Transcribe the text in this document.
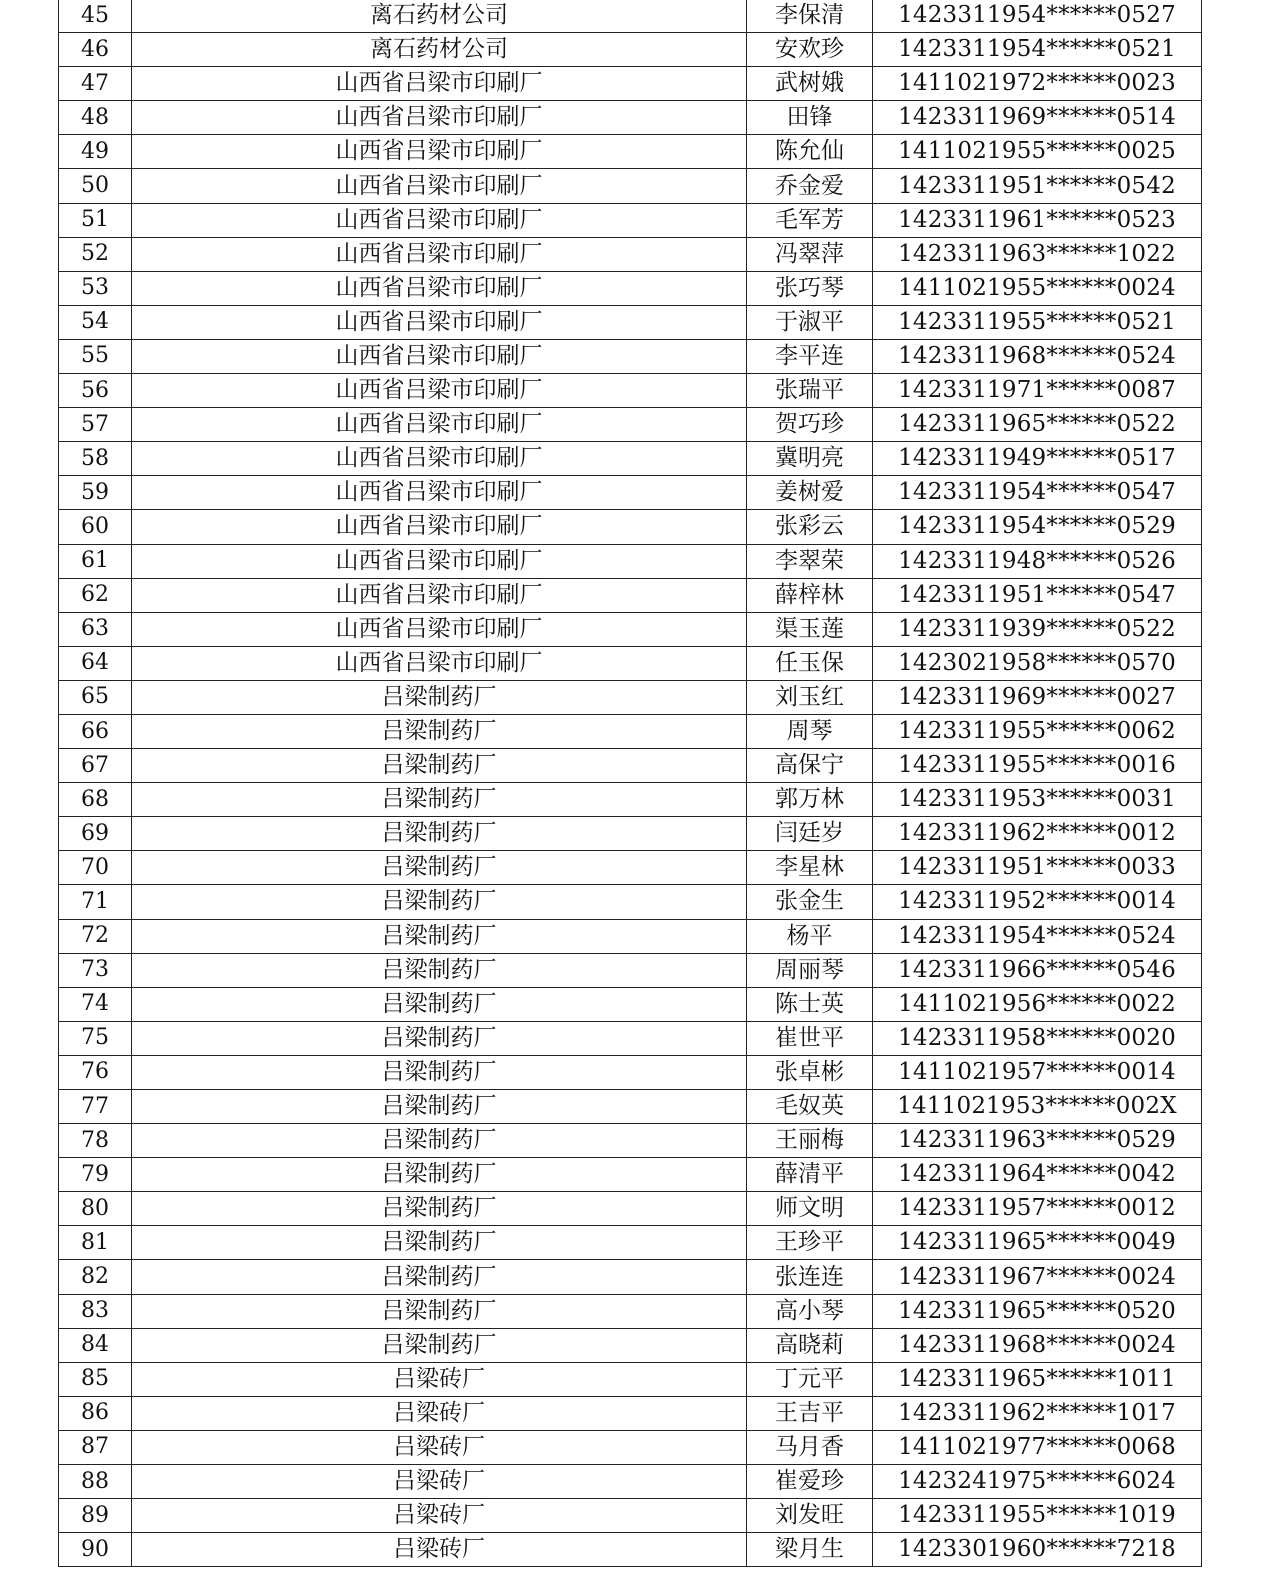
45	离石药材公司	李保清	1423311954******0527
46	离石药材公司	安欢珍	1423311954******0521
47	山西省吕梁市印刷厂	武树娥	1411021972******0023
48	山西省吕梁市印刷厂	田锋	1423311969******0514
49	山西省吕梁市印刷厂	陈允仙	1411021955******0025
50	山西省吕梁市印刷厂	乔金爱	1423311951******0542
51	山西省吕梁市印刷厂	毛军芳	1423311961******0523
52	山西省吕梁市印刷厂	冯翠萍	1423311963******1022
53	山西省吕梁市印刷厂	张巧琴	1411021955******0024
54	山西省吕梁市印刷厂	于淑平	1423311955******0521
55	山西省吕梁市印刷厂	李平连	1423311968******0524
56	山西省吕梁市印刷厂	张瑞平	1423311971******0087
57	山西省吕梁市印刷厂	贺巧珍	1423311965******0522
58	山西省吕梁市印刷厂	冀明亮	1423311949******0517
59	山西省吕梁市印刷厂	姜树爱	1423311954******0547
60	山西省吕梁市印刷厂	张彩云	1423311954******0529
61	山西省吕梁市印刷厂	李翠荣	1423311948******0526
62	山西省吕梁市印刷厂	薛梓林	1423311951******0547
63	山西省吕梁市印刷厂	渠玉莲	1423311939******0522
64	山西省吕梁市印刷厂	任玉保	1423021958******0570
65	吕梁制药厂	刘玉红	1423311969******0027
66	吕梁制药厂	周琴	1423311955******0062
67	吕梁制药厂	高保宁	1423311955******0016
68	吕梁制药厂	郭万林	1423311953******0031
69	吕梁制药厂	闫廷岁	1423311962******0012
70	吕梁制药厂	李星林	1423311951******0033
71	吕梁制药厂	张金生	1423311952******0014
72	吕梁制药厂	杨平	1423311954******0524
73	吕梁制药厂	周丽琴	1423311966******0546
74	吕梁制药厂	陈士英	1411021956******0022
75	吕梁制药厂	崔世平	1423311958******0020
76	吕梁制药厂	张卓彬	1411021957******0014
77	吕梁制药厂	毛奴英	1411021953******002X
78	吕梁制药厂	王丽梅	1423311963******0529
79	吕梁制药厂	薛清平	1423311964******0042
80	吕梁制药厂	师文明	1423311957******0012
81	吕梁制药厂	王珍平	1423311965******0049
82	吕梁制药厂	张连连	1423311967******0024
83	吕梁制药厂	高小琴	1423311965******0520
84	吕梁制药厂	高晓莉	1423311968******0024
85	吕梁砖厂	丁元平	1423311965******1011
86	吕梁砖厂	王吉平	1423311962******1017
87	吕梁砖厂	马月香	1411021977******0068
88	吕梁砖厂	崔爱珍	1423241975******6024
89	吕梁砖厂	刘发旺	1423311955******1019
90	吕梁砖厂	梁月生	1423301960******7218
